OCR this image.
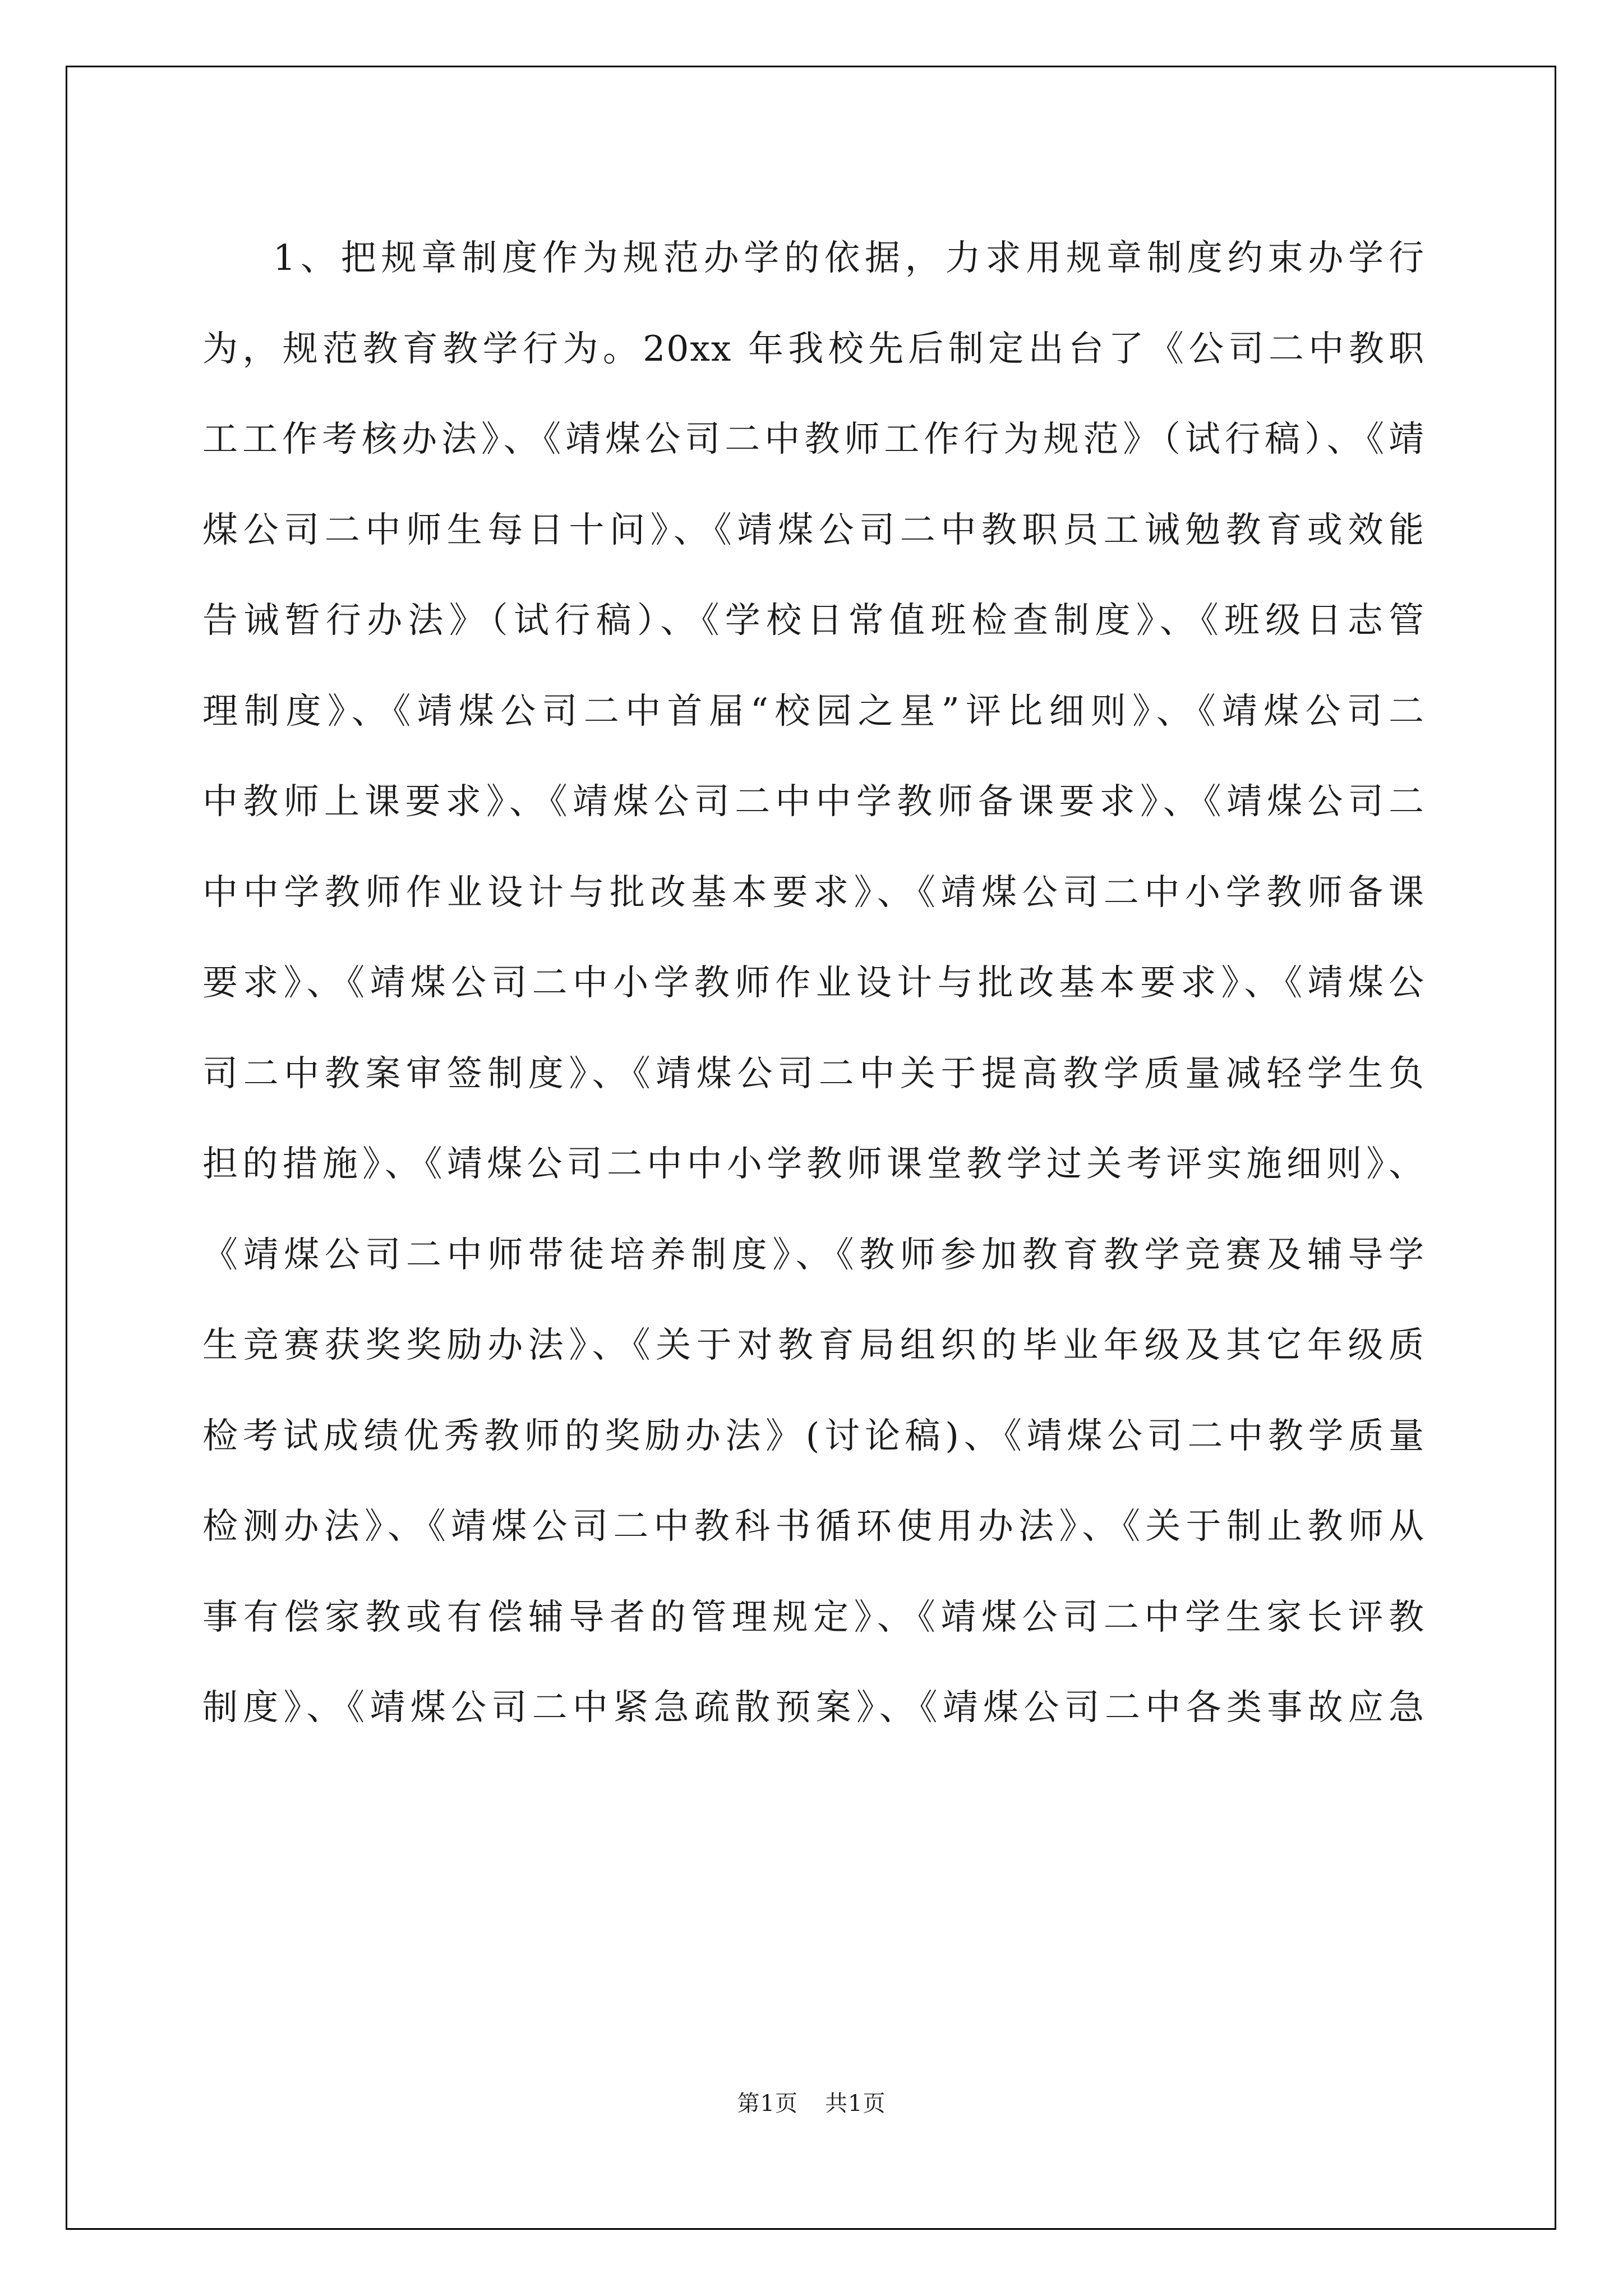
1、把规章制度作为规范办学的依据，力求用规章制度约束办学行
为，规范教育教学行为。20xx 年我校先后制定出台了《公司二中教职
工工作考核办法》、《靖煤公司二中教师工作行为规范》（试行稿）、《靖
煤公司二中师生每日十问》、《靖煤公司二中教职员工诫勉教育或效能
告诫暂行办法》（试行稿）、《学校日常值班检查制度》、《班级日志管
理制度》、《靖煤公司二中首届“校园之星”评比细则》、《靖煤公司二
中教师上课要求》、《靖煤公司二中中学教师备课要求》、《靖煤公司二
中中学教师作业设计与批改基本要求》、《靖煤公司二中小学教师备课
要求》、《靖煤公司二中小学教师作业设计与批改基本要求》、《靖煤公
司二中教案审签制度》、《靖煤公司二中关于提高教学质量减轻学生负
担的措施》、《靖煤公司二中中小学教师课堂教学过关考评实施细则》、
《靖煤公司二中师带徒培养制度》、《教师参加教育教学竞赛及辅导学
生竞赛获奖奖励办法》、《关于对教育局组织的毕业年级及其它年级质
检考试成绩优秀教师的奖励办法》(讨论稿)、《靖煤公司二中教学质量
检测办法》、《靖煤公司二中教科书循环使用办法》、《关于制止教师从
事有偿家教或有偿辅导者的管理规定》、《靖煤公司二中学生家长评教
制度》、《靖煤公司二中紧急疏散预案》、《靖煤公司二中各类事故应急
第1页 共1页
